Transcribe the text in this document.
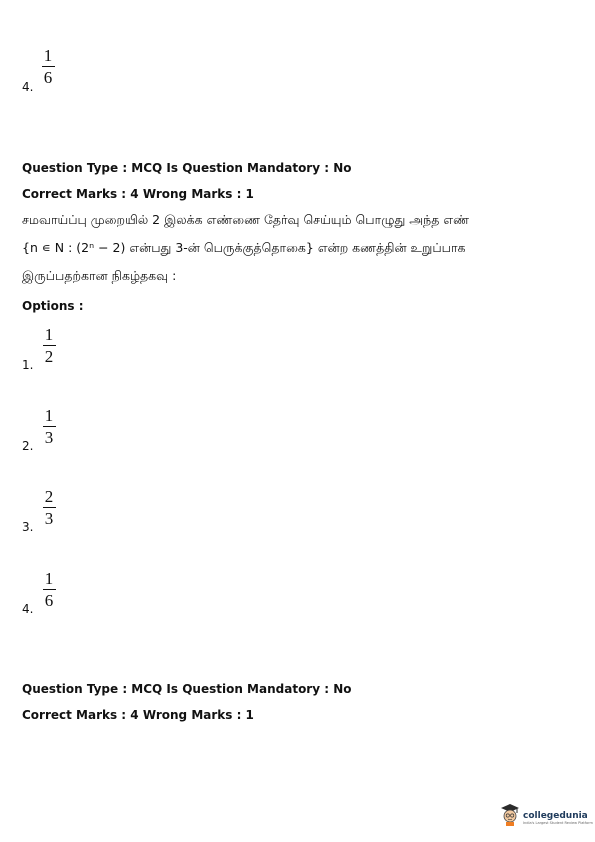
1
6
4.
Question Type : MCQ Is Question Mandatory : No
Correct Marks : 4 Wrong Marks : 1
சமவாய்ப்பு முறையில் 2 இலக்க எண்ணை தேர்வு செய்யும் பொழுது அந்த எண்
{n ∊ N : (2ⁿ − 2) என்பது 3-ன் பெருக்குத்தொகை} என்ற கணத்தின் உறுப்பாக
இருப்பதற்கான நிகழ்தகவு :
Options :
1
2
1.
1
3
2.
2
3
3.
1
6
4.
Question Type : MCQ Is Question Mandatory : No
Correct Marks : 4 Wrong Marks : 1
collegedunia
India's Largest Student Review Platform
